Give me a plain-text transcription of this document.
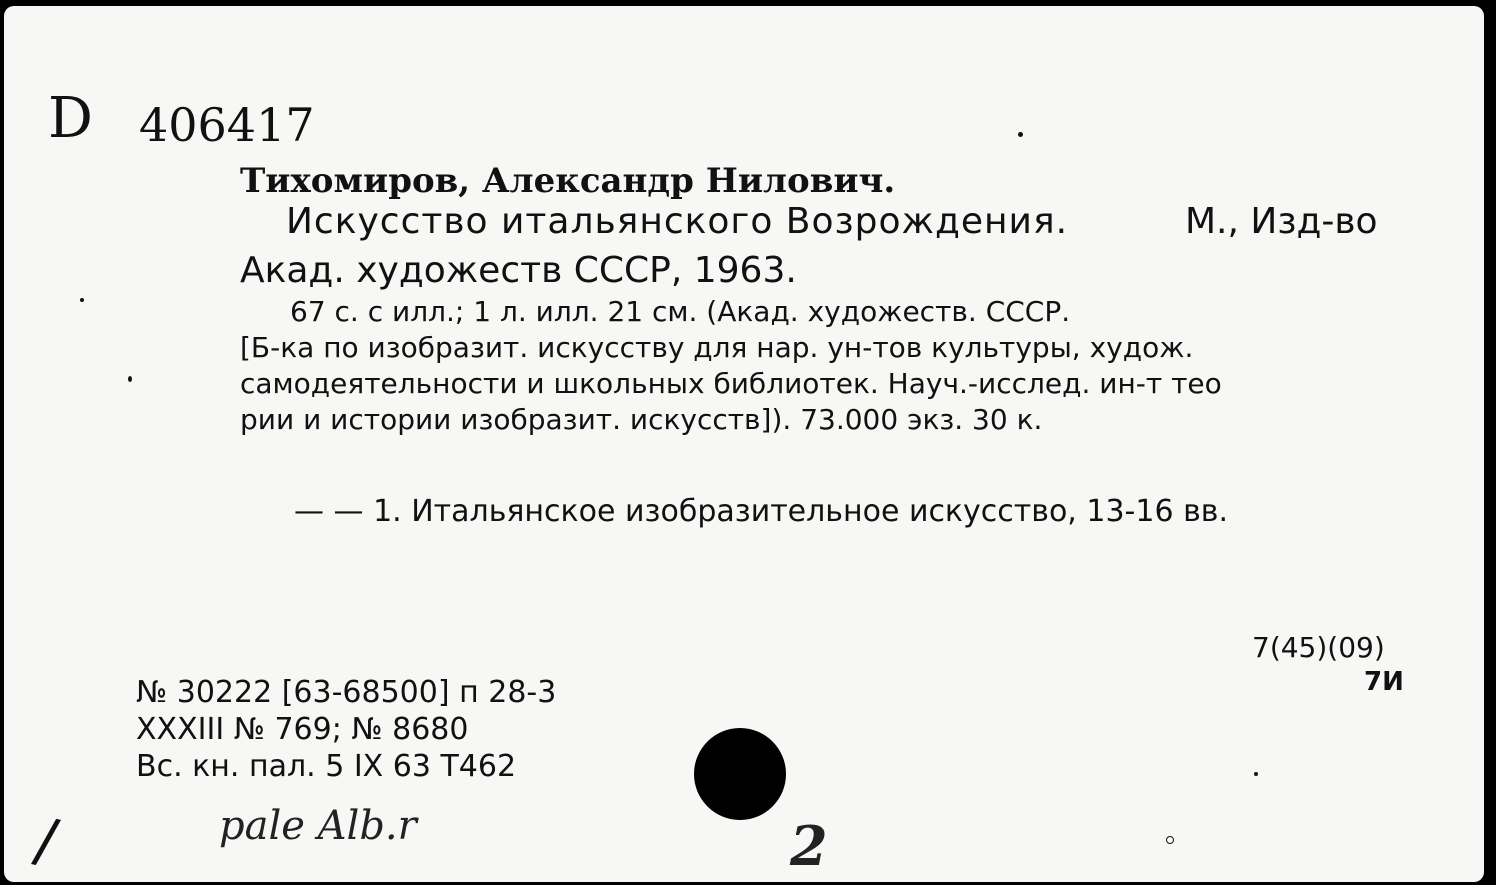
D 406417
Тихомиров, Александр Нилович.
Искусство итальянского Возрождения.	М., Изд-во
Акад. художеств СССР, 1963.
67 с. с илл.; 1 л. илл. 21 см. (Акад. художеств. СССР.
[Б-ка по изобразит. искусству для нар. ун-тов культуры, худож.
самодеятельности и школьных библиотек. Науч.-исслед. ин-т тео
рии и истории изобразит. искусств]). 73.000 экз. 30 к.
— — 1. Итальянское изобразительное искусство, 13-16 вв.
7(45)(09)
7И
№ 30222 [63-68500] п 28-3
XXXIII № 769; № 8680
Вс. кн. пал. 5 IX 63 Т462
pale Alb.r	2
/
